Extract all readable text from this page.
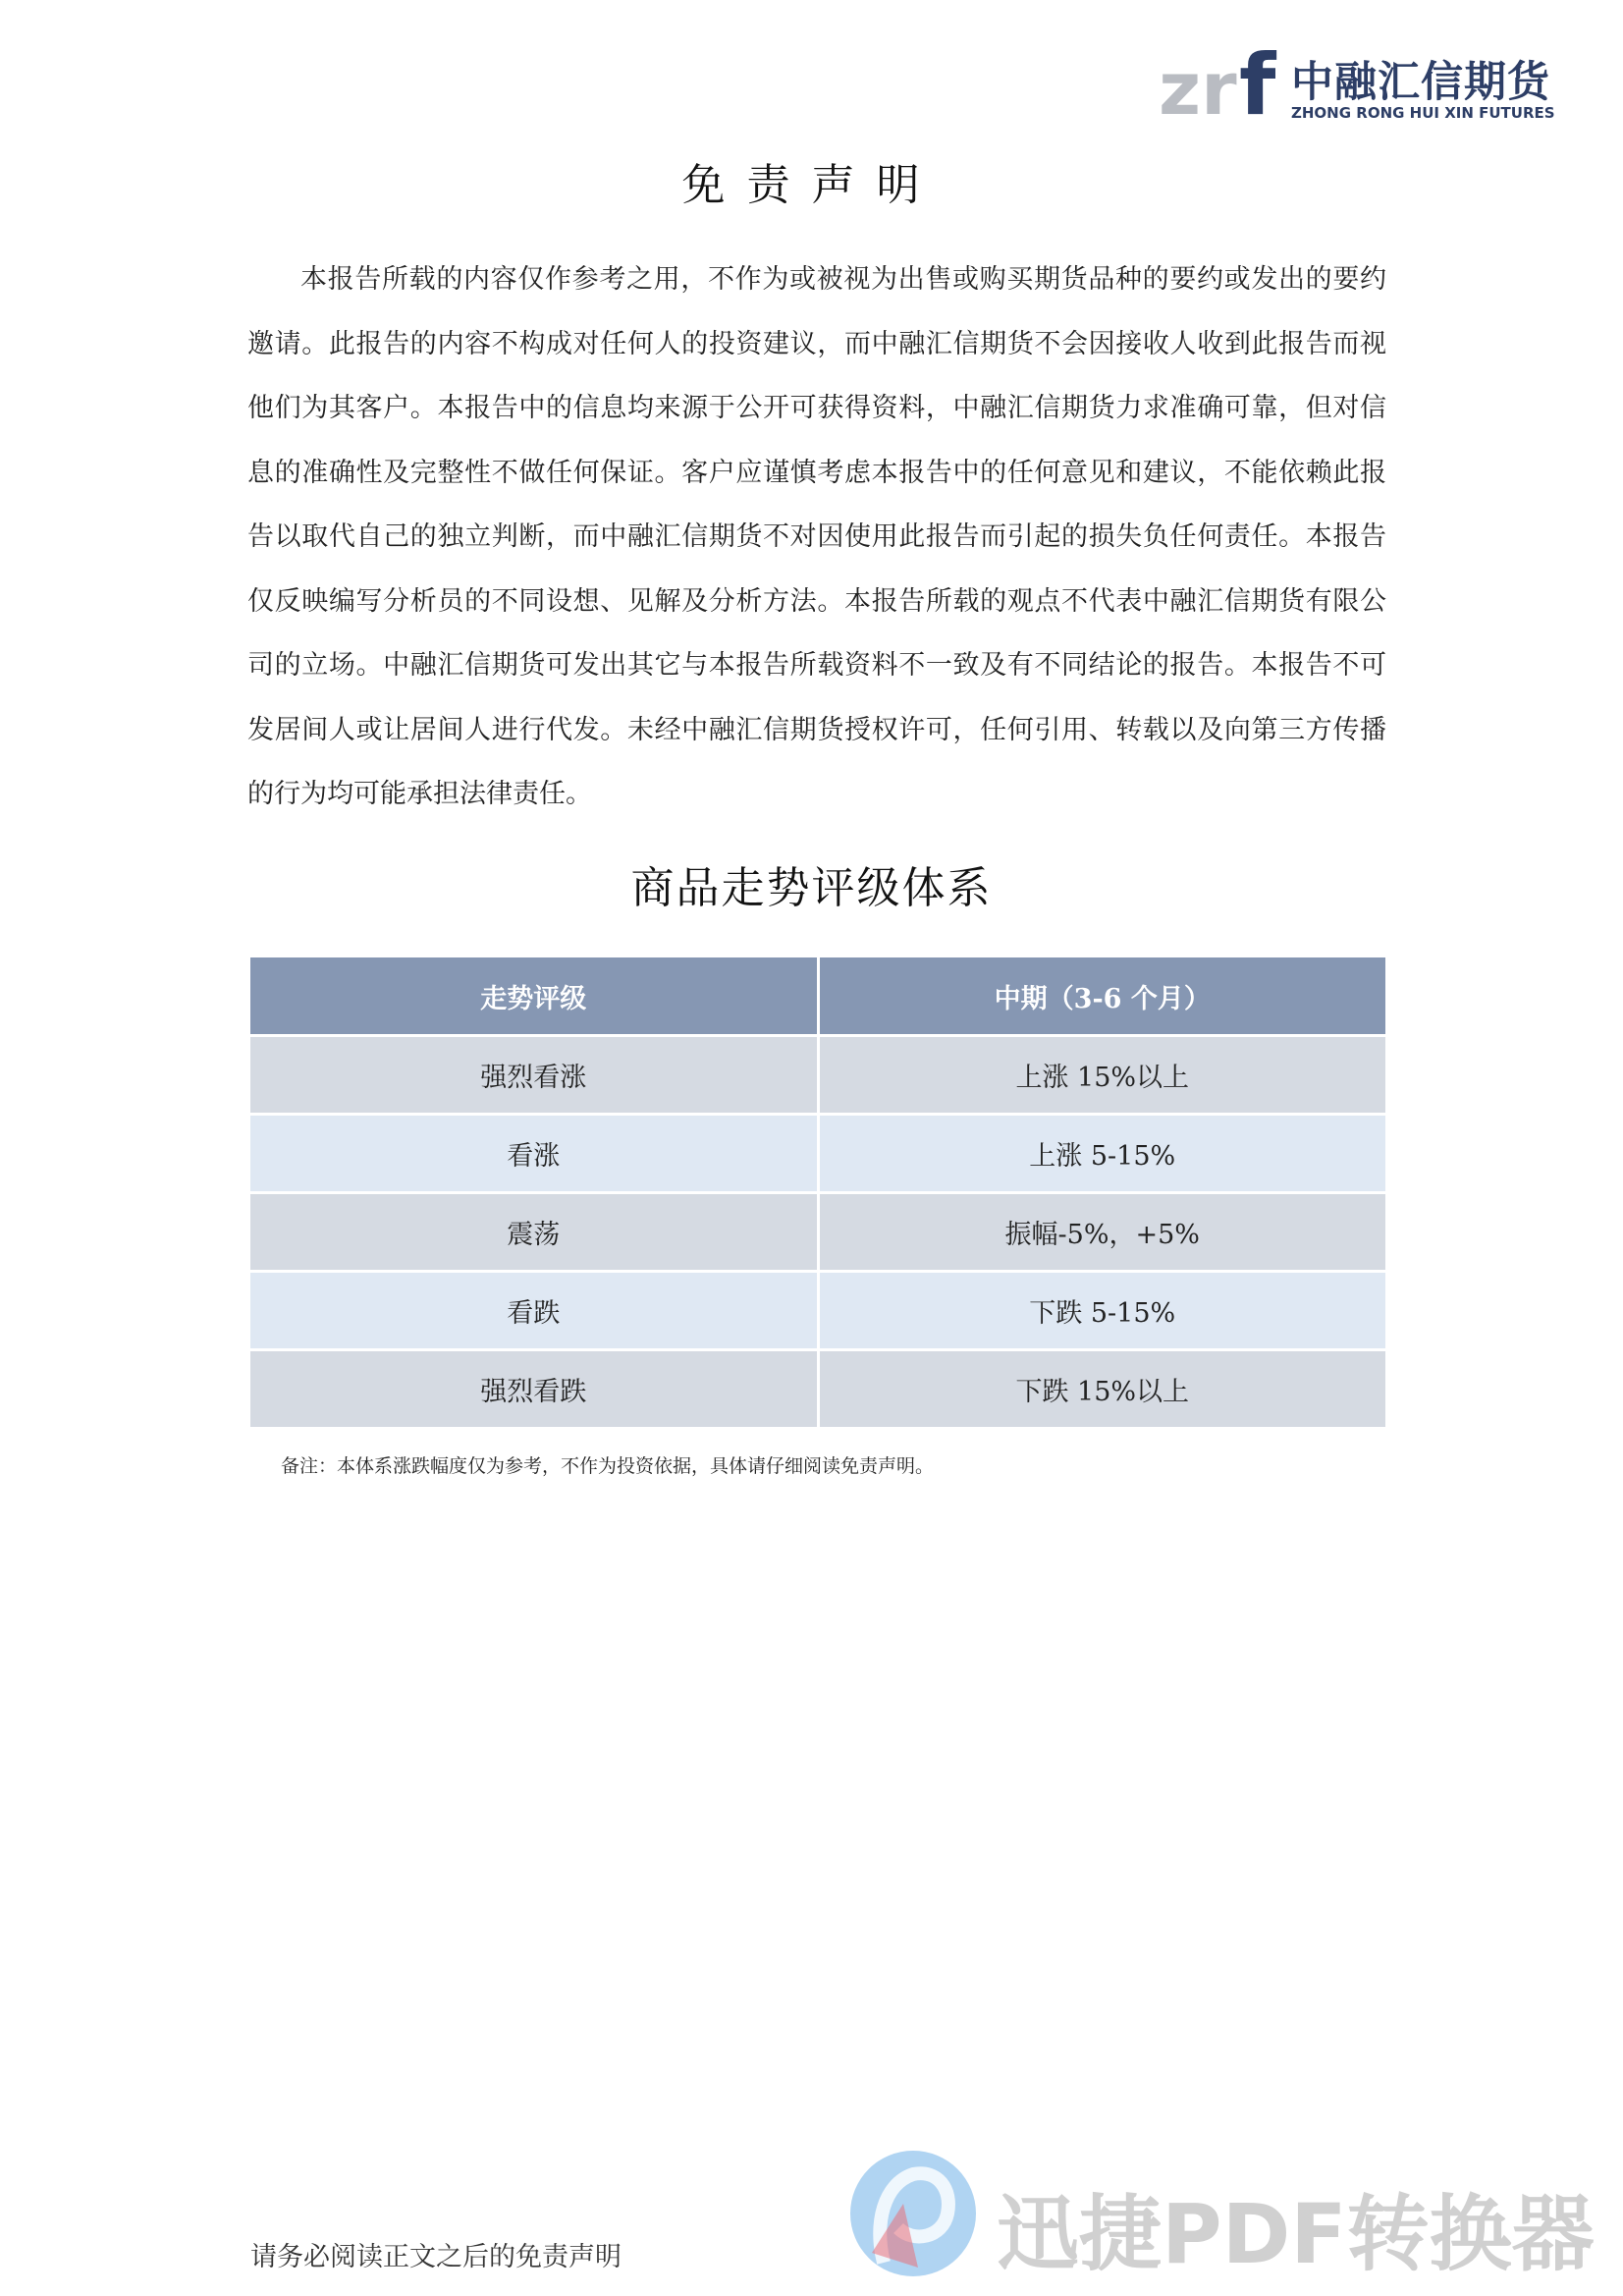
zr f 中融汇信期货
ZHONG RONG HUI XIN FUTURES
免责声明

本报告所载的内容仅作参考之用，不作为或被视为出售或购买期货品种的要约或发出的要约邀请。此报告的内容不构成对任何人的投资建议，而中融汇信期货不会因接收人收到此报告而视他们为其客户。本报告中的信息均来源于公开可获得资料，中融汇信期货力求准确可靠，但对信息的准确性及完整性不做任何保证。客户应谨慎考虑本报告中的任何意见和建议，不能依赖此报告以取代自己的独立判断，而中融汇信期货不对因使用此报告而引起的损失负任何责任。本报告仅反映编写分析员的不同设想、见解及分析方法。本报告所载的观点不代表中融汇信期货有限公司的立场。中融汇信期货可发出其它与本报告所载资料不一致及有不同结论的报告。本报告不可发居间人或让居间人进行代发。未经中融汇信期货授权许可，任何引用、转载以及向第三方传播的行为均可能承担法律责任。

商品走势评级体系
走势评级	中期（3-6 个月）
强烈看涨	上涨 15%以上
看涨	上涨 5-15%
震荡	振幅-5%，+5%
看跌	下跌 5-15%
强烈看跌	下跌 15%以上
备注：本体系涨跌幅度仅为参考，不作为投资依据，具体请仔细阅读免责声明。
请务必阅读正文之后的免责声明	迅捷PDF转换器
